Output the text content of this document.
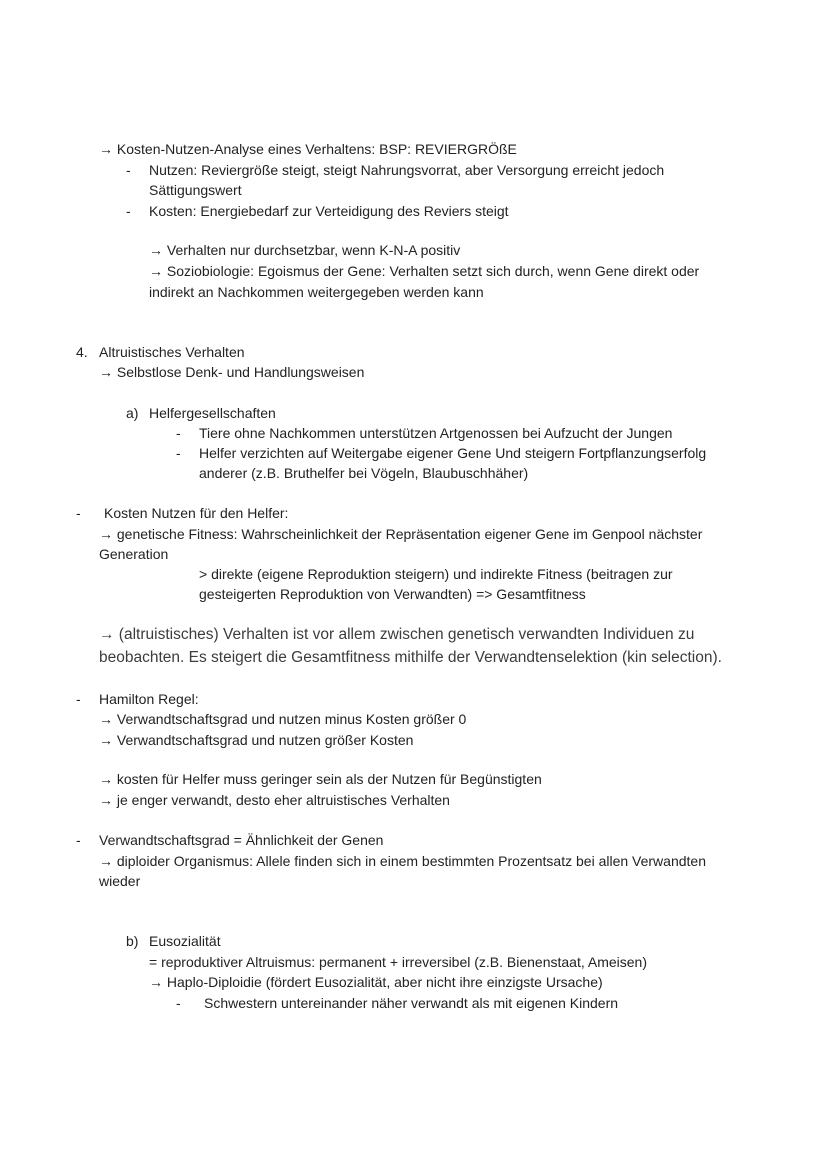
→ Kosten-Nutzen-Analyse eines Verhaltens: BSP: REVIERGRÖßE

- Nutzen: Reviergröße steigt, steigt Nahrungsvorrat, aber Versorgung erreicht jedoch

Sättigungswert

- Kosten: Energiebedarf zur Verteidigung des Reviers steigt

→ Verhalten nur durchsetzbar, wenn K-N-A positiv

→ Soziobiologie: Egoismus der Gene: Verhalten setzt sich durch, wenn Gene direkt oder

indirekt an Nachkommen weitergegeben werden kann

4. Altruistisches Verhalten

→ Selbstlose Denk- und Handlungsweisen

a) Helfergesellschaften

- Tiere ohne Nachkommen unterstützen Artgenossen bei Aufzucht der Jungen

- Helfer verzichten auf Weitergabe eigener Gene Und steigern Fortpflanzungserfolg

anderer (z.B. Bruthelfer bei Vögeln, Blaubuschhäher)

- Kosten Nutzen für den Helfer:

→ genetische Fitness: Wahrscheinlichkeit der Repräsentation eigener Gene im Genpool nächster

Generation

> direkte (eigene Reproduktion steigern) und indirekte Fitness (beitragen zur

gesteigerten Reproduktion von Verwandten) => Gesamtfitness

→ (altruistisches) Verhalten ist vor allem zwischen genetisch verwandten Individuen zu

beobachten. Es steigert die Gesamtfitness mithilfe der Verwandtenselektion (kin selection).

- Hamilton Regel:

→ Verwandtschaftsgrad und nutzen minus Kosten größer 0

→ Verwandtschaftsgrad und nutzen größer Kosten

→ kosten für Helfer muss geringer sein als der Nutzen für Begünstigten

→ je enger verwandt, desto eher altruistisches Verhalten

- Verwandtschaftsgrad = Ähnlichkeit der Genen

→ diploider Organismus: Allele finden sich in einem bestimmten Prozentsatz bei allen Verwandten

wieder

b) Eusozialität

= reproduktiver Altruismus: permanent + irreversibel (z.B. Bienenstaat, Ameisen)

→ Haplo-Diploidie (fördert Eusozialität, aber nicht ihre einzigste Ursache)

- Schwestern untereinander näher verwandt als mit eigenen Kindern
